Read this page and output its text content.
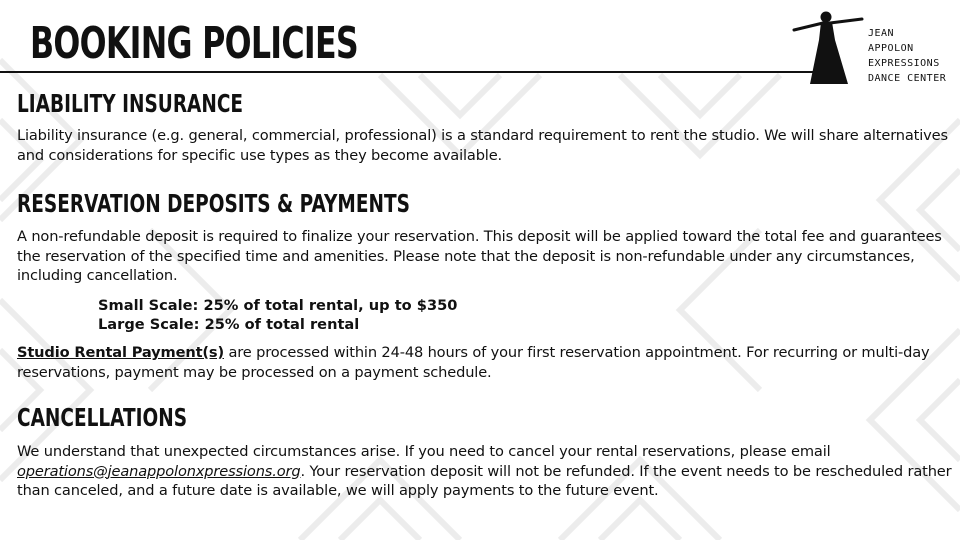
BOOKING POLICIES	JEAN
APPOLON
EXPRESSIONS
DANCE CENTER
LIABILITY INSURANCE

Liability insurance (e.g. general, commercial, professional) is a standard requirement to rent the studio. We will share alternatives and considerations for specific use types as they become available.

RESERVATION DEPOSITS & PAYMENTS

A non-refundable deposit is required to finalize your reservation. This deposit will be applied toward the total fee and guarantees the reservation of the specified time and amenities. Please note that the deposit is non-refundable under any circumstances, including cancellation.

Small Scale: 25% of total rental, up to $350
Large Scale: 25% of total rental

Studio Rental Payment(s) are processed within 24-48 hours of your first reservation appointment. For recurring or multi-day reservations, payment may be processed on a payment schedule.

CANCELLATIONS

We understand that unexpected circumstances arise. If you need to cancel your rental reservations, please email operations@jeanappolonxpressions.org. Your reservation deposit will not be refunded. If the event needs to be rescheduled rather than canceled, and a future date is available, we will apply payments to the future event.
